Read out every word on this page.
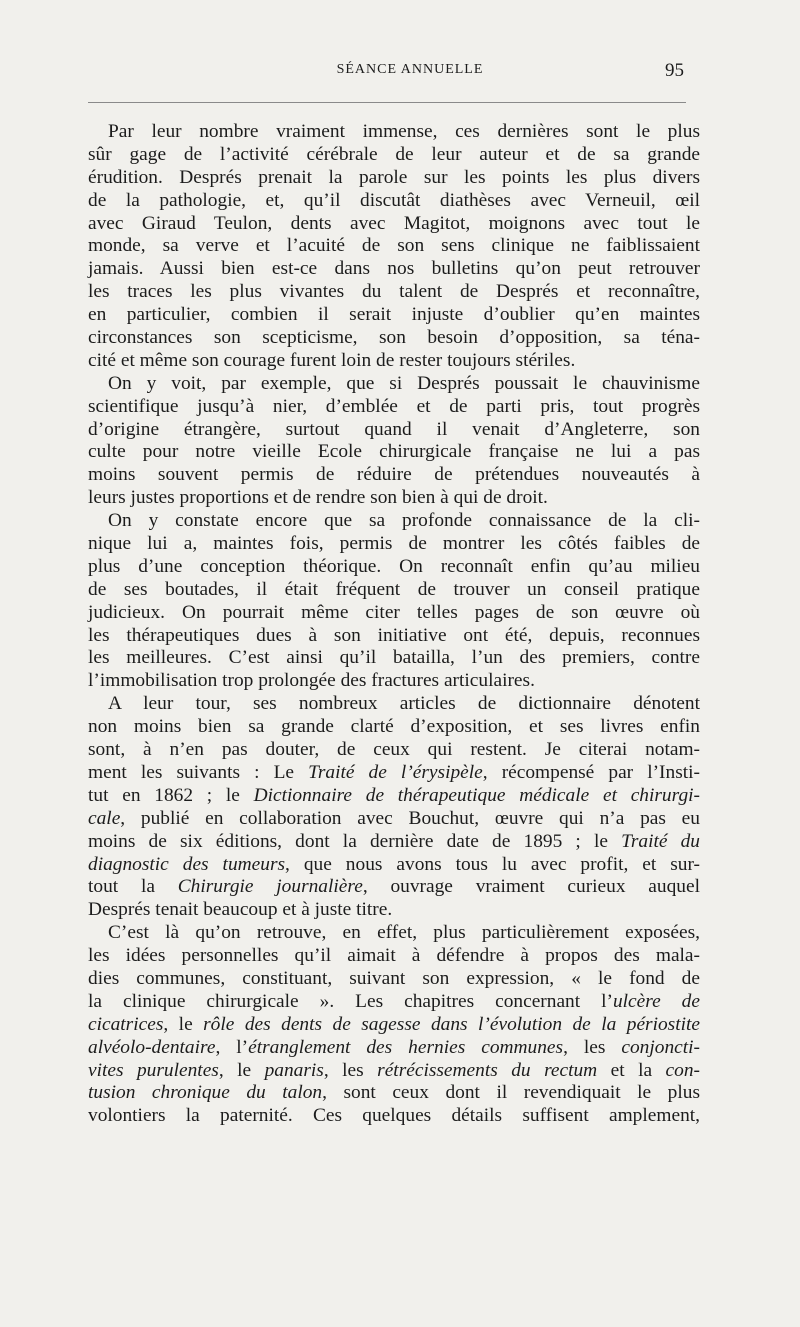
SÉANCE ANNUELLE	95
Par leur nombre vraiment immense, ces dernières sont le plus
sûr gage de l’activité cérébrale de leur auteur et de sa grande
érudition. Després prenait la parole sur les points les plus divers
de la pathologie, et, qu’il discutât diathèses avec Verneuil, œil
avec Giraud Teulon, dents avec Magitot, moignons avec tout le
monde, sa verve et l’acuité de son sens clinique ne faiblissaient
jamais. Aussi bien est-ce dans nos bulletins qu’on peut retrouver
les traces les plus vivantes du talent de Després et reconnaître,
en particulier, combien il serait injuste d’oublier qu’en maintes
circonstances son scepticisme, son besoin d’opposition, sa téna-
cité et même son courage furent loin de rester toujours stériles.
On y voit, par exemple, que si Després poussait le chauvinisme
scientifique jusqu’à nier, d’emblée et de parti pris, tout progrès
d’origine étrangère, surtout quand il venait d’Angleterre, son
culte pour notre vieille Ecole chirurgicale française ne lui a pas
moins souvent permis de réduire de prétendues nouveautés à
leurs justes proportions et de rendre son bien à qui de droit.
On y constate encore que sa profonde connaissance de la cli-
nique lui a, maintes fois, permis de montrer les côtés faibles de
plus d’une conception théorique. On reconnaît enfin qu’au milieu
de ses boutades, il était fréquent de trouver un conseil pratique
judicieux. On pourrait même citer telles pages de son œuvre où
les thérapeutiques dues à son initiative ont été, depuis, reconnues
les meilleures. C’est ainsi qu’il batailla, l’un des premiers, contre
l’immobilisation trop prolongée des fractures articulaires.
A leur tour, ses nombreux articles de dictionnaire dénotent
non moins bien sa grande clarté d’exposition, et ses livres enfin
sont, à n’en pas douter, de ceux qui restent. Je citerai notam-
ment les suivants : Le Traité de l’érysipèle, récompensé par l’Insti-
tut en 1862 ; le Dictionnaire de thérapeutique médicale et chirurgi-
cale, publié en collaboration avec Bouchut, œuvre qui n’a pas eu
moins de six éditions, dont la dernière date de 1895 ; le Traité du
diagnostic des tumeurs, que nous avons tous lu avec profit, et sur-
tout la Chirurgie journalière, ouvrage vraiment curieux auquel
Després tenait beaucoup et à juste titre.
C’est là qu’on retrouve, en effet, plus particulièrement exposées,
les idées personnelles qu’il aimait à défendre à propos des mala-
dies communes, constituant, suivant son expression, « le fond de
la clinique chirurgicale ». Les chapitres concernant l’ulcère de
cicatrices, le rôle des dents de sagesse dans l’évolution de la périostite
alvéolo-dentaire, l’étranglement des hernies communes, les conjoncti-
vites purulentes, le panaris, les rétrécissements du rectum et la con-
tusion chronique du talon, sont ceux dont il revendiquait le plus
volontiers la paternité. Ces quelques détails suffisent amplement,
